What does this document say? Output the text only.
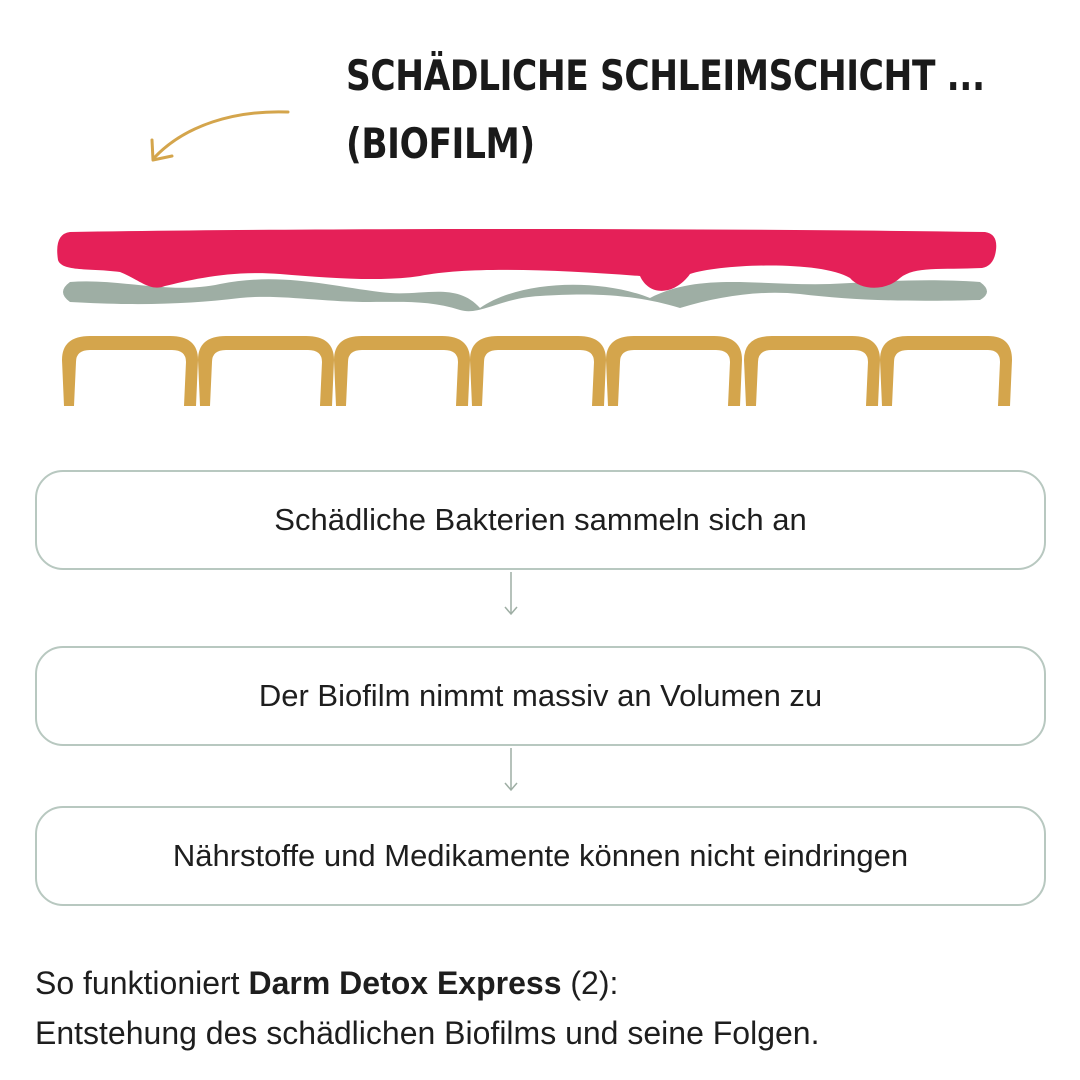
SCHÄDLICHE SCHLEIMSCHICHT ...
(BIOFILM)
Schädliche Bakterien sammeln sich an
Der Biofilm nimmt massiv an Volumen zu
Nährstoffe und Medikamente können nicht eindringen
So funktioniert Darm Detox Express (2):
Entstehung des schädlichen Biofilms und seine Folgen.
